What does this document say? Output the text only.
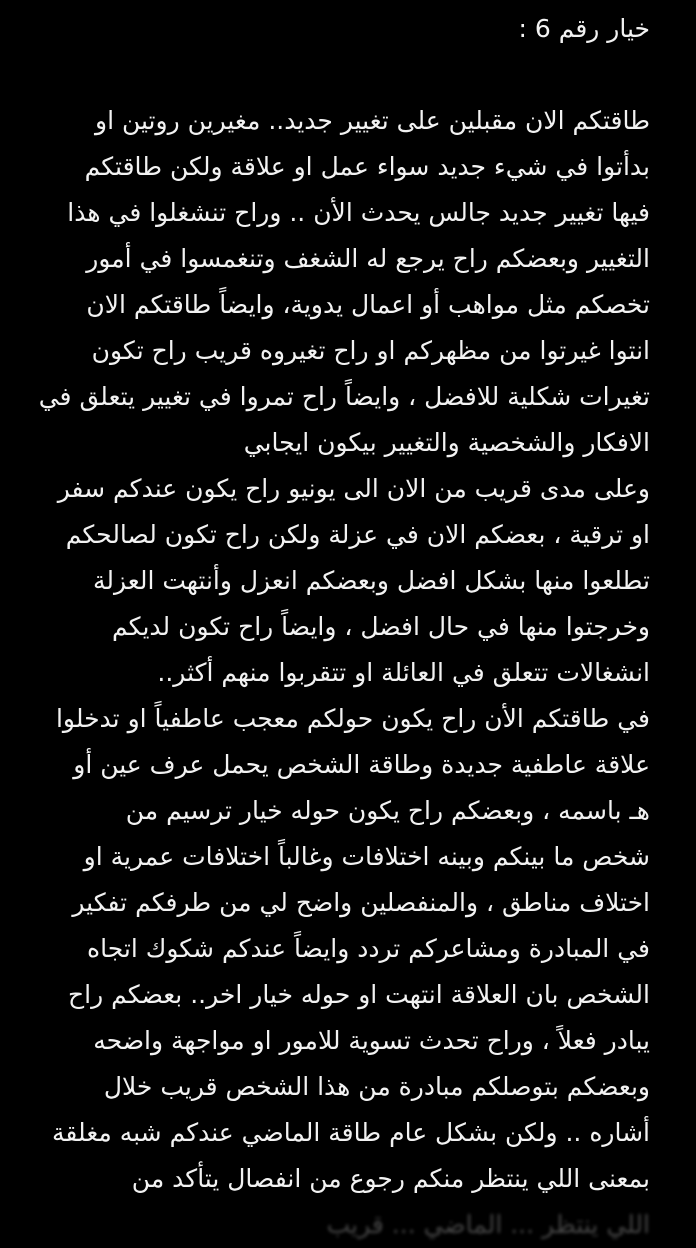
خيار رقم 6 :
طاقتكم الان مقبلين على تغيير جديد.. مغيرين روتين او
بدأتوا في شيء جديد سواء عمل او علاقة ولكن طاقتكم
فيها تغيير جديد جالس يحدث الأن .. وراح تنشغلوا في هذا
التغيير وبعضكم راح يرجع له الشغف وتنغمسوا في أمور
تخصكم مثل مواهب أو اعمال يدوية، وايضاً طاقتكم الان
انتوا غيرتوا من مظهركم او راح تغيروه قريب راح تكون
تغيرات شكلية للافضل ، وايضاً راح تمروا في تغيير يتعلق في
الافكار والشخصية والتغيير بيكون ايجابي
وعلى مدى قريب من الان الى يونيو راح يكون عندكم سفر
او ترقية ، بعضكم الان في عزلة ولكن راح تكون لصالحكم
تطلعوا منها بشكل افضل وبعضكم انعزل وأنتهت العزلة
وخرجتوا منها في حال افضل ، وايضاً راح تكون لديكم
انشغالات تتعلق في العائلة او تتقربوا منهم أكثر..
في طاقتكم الأن راح يكون حولكم معجب عاطفياً او تدخلوا
علاقة عاطفية جديدة وطاقة الشخص يحمل عرف عين أو
هـ باسمه ، وبعضكم راح يكون حوله خيار ترسيم من
شخص ما بينكم وبينه اختلافات وغالباً اختلافات عمرية او
اختلاف مناطق ، والمنفصلين واضح لي من طرفكم تفكير
في المبادرة ومشاعركم تردد وايضاً عندكم شكوك اتجاه
الشخص بان العلاقة انتهت او حوله خيار اخر.. بعضكم راح
يبادر فعلاً ، وراح تحدث تسوية للامور او مواجهة واضحه
وبعضكم بتوصلكم مبادرة من هذا الشخص قريب خلال
أشاره .. ولكن بشكل عام طاقة الماضي عندكم شبه مغلقة
بمعنى اللي ينتظر منكم رجوع من انفصال يتأكد من
اللي ينتظر ... الماضي ... قريب
